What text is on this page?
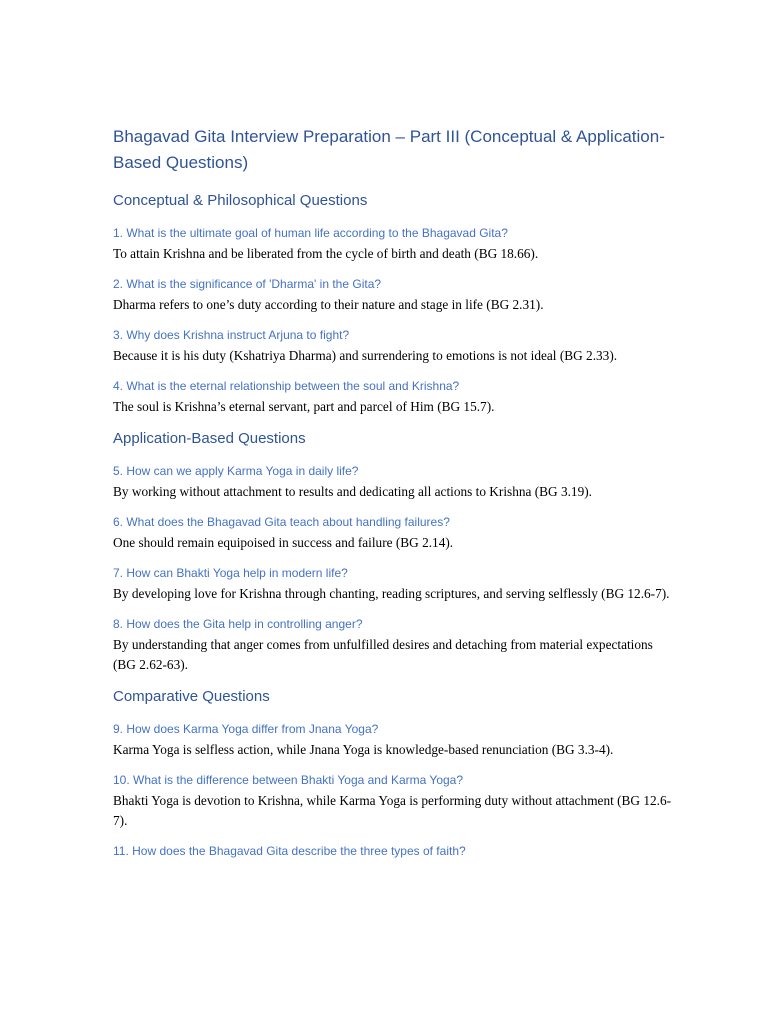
Bhagavad Gita Interview Preparation – Part III (Conceptual & Application-Based Questions)
Conceptual & Philosophical Questions

1. What is the ultimate goal of human life according to the Bhagavad Gita?

To attain Krishna and be liberated from the cycle of birth and death (BG 18.66).

2. What is the significance of 'Dharma' in the Gita?

Dharma refers to one’s duty according to their nature and stage in life (BG 2.31).

3. Why does Krishna instruct Arjuna to fight?

Because it is his duty (Kshatriya Dharma) and surrendering to emotions is not ideal (BG 2.33).

4. What is the eternal relationship between the soul and Krishna?

The soul is Krishna’s eternal servant, part and parcel of Him (BG 15.7).

Application-Based Questions

5. How can we apply Karma Yoga in daily life?

By working without attachment to results and dedicating all actions to Krishna (BG 3.19).

6. What does the Bhagavad Gita teach about handling failures?

One should remain equipoised in success and failure (BG 2.14).

7. How can Bhakti Yoga help in modern life?

By developing love for Krishna through chanting, reading scriptures, and serving selflessly (BG 12.6-7).

8. How does the Gita help in controlling anger?

By understanding that anger comes from unfulfilled desires and detaching from material expectations (BG 2.62-63).

Comparative Questions

9. How does Karma Yoga differ from Jnana Yoga?

Karma Yoga is selfless action, while Jnana Yoga is knowledge-based renunciation (BG 3.3-4).

10. What is the difference between Bhakti Yoga and Karma Yoga?

Bhakti Yoga is devotion to Krishna, while Karma Yoga is performing duty without attachment (BG 12.6-7).

11. How does the Bhagavad Gita describe the three types of faith?
